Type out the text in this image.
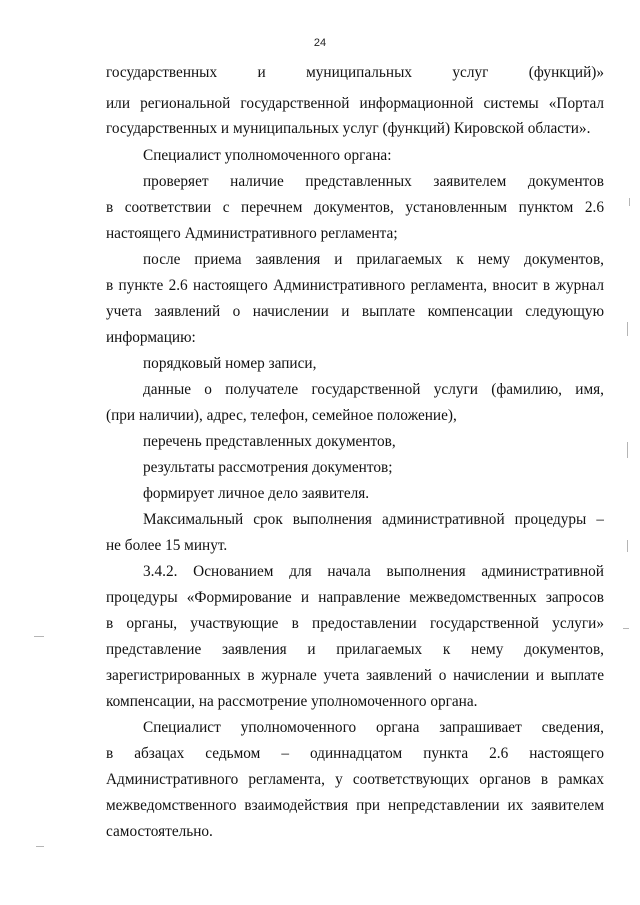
24
государственных и муниципальных услуг (функций)»
или региональной государственной информационной системы «Портал
государственных и муниципальных услуг (функций) Кировской области».
Специалист уполномоченного органа:
проверяет наличие представленных заявителем документов
в соответствии с перечнем документов, установленным пунктом 2.6
настоящего Административного регламента;
после приема заявления и прилагаемых к нему документов,
в пункте 2.6 настоящего Административного регламента, вносит в журнал
учета заявлений о начислении и выплате компенсации следующую
информацию:
порядковый номер записи,
данные о получателе государственной услуги (фамилию, имя,
(при наличии), адрес, телефон, семейное положение),
перечень представленных документов,
результаты рассмотрения документов;
формирует личное дело заявителя.
Максимальный срок выполнения административной процедуры –
не более 15 минут.
3.4.2. Основанием для начала выполнения административной
процедуры «Формирование и направление межведомственных запросов
в органы, участвующие в предоставлении государственной услуги»
представление заявления и прилагаемых к нему документов,
зарегистрированных в журнале учета заявлений о начислении и выплате
компенсации, на рассмотрение уполномоченного органа.
Специалист уполномоченного органа запрашивает сведения,
в абзацах седьмом – одиннадцатом пункта 2.6 настоящего
Административного регламента, у соответствующих органов в рамках
межведомственного взаимодействия при непредставлении их заявителем
самостоятельно.
